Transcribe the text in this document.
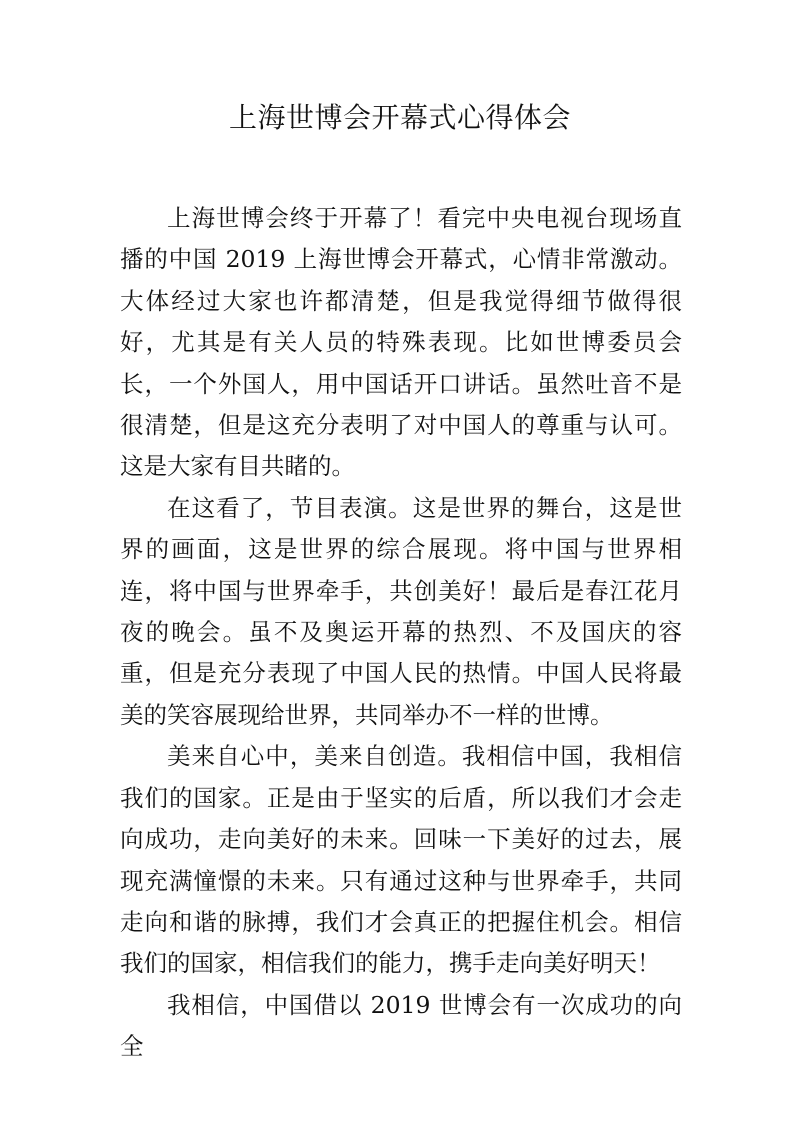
上海世博会开幕式心得体会

上海世博会终于开幕了！看完中央电视台现场直播的中国 2019 上海世博会开幕式，心情非常激动。大体经过大家也许都清楚，但是我觉得细节做得很好，尤其是有关人员的特殊表现。比如世博委员会长，一个外国人，用中国话开口讲话。虽然吐音不是很清楚，但是这充分表明了对中国人的尊重与认可。这是大家有目共睹的。

在这看了，节目表演。这是世界的舞台，这是世界的画面，这是世界的综合展现。将中国与世界相连，将中国与世界牵手，共创美好！最后是春江花月夜的晚会。虽不及奥运开幕的热烈、不及国庆的容重，但是充分表现了中国人民的热情。中国人民将最美的笑容展现给世界，共同举办不一样的世博。

美来自心中，美来自创造。我相信中国，我相信我们的国家。正是由于坚实的后盾，所以我们才会走向成功，走向美好的未来。回味一下美好的过去，展现充满憧憬的未来。只有通过这种与世界牵手，共同走向和谐的脉搏，我们才会真正的把握住机会。相信我们的国家，相信我们的能力，携手走向美好明天！

我相信，中国借以 2019 世博会有一次成功的向全
